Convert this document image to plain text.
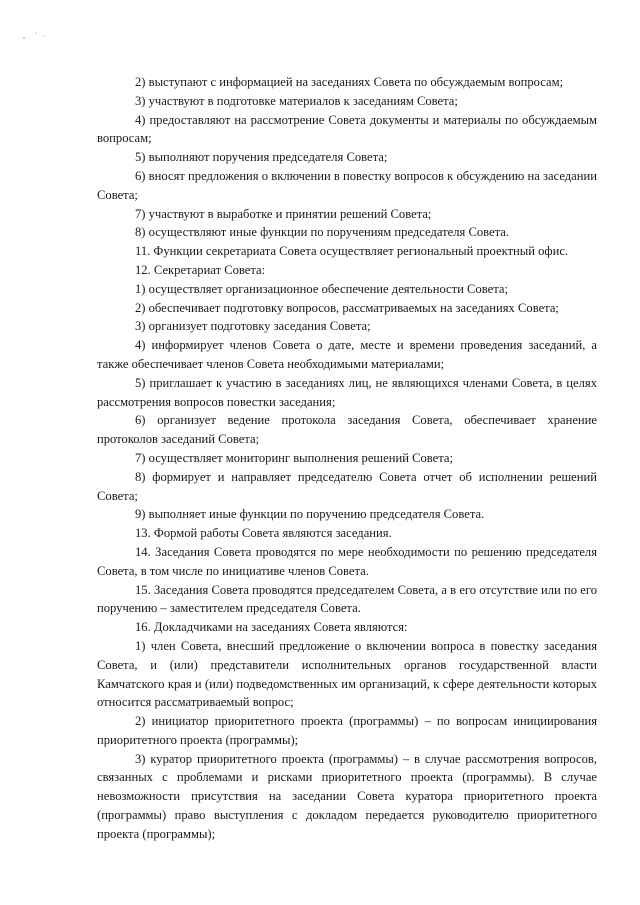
2) выступают с информацией на заседаниях Совета по обсуждаемым вопросам;

3) участвуют в подготовке материалов к заседаниям Совета;

4) предоставляют на рассмотрение Совета документы и материалы по обсуждаемым вопросам;

5) выполняют поручения председателя Совета;

6) вносят предложения о включении в повестку вопросов к обсуждению на заседании Совета;

7) участвуют в выработке и принятии решений Совета;

8) осуществляют иные функции по поручениям председателя Совета.

11. Функции секретариата Совета осуществляет региональный проектный офис.

12. Секретариат Совета:

1) осуществляет организационное обеспечение деятельности Совета;

2) обеспечивает подготовку вопросов, рассматриваемых на заседаниях Совета;

3) организует подготовку заседания Совета;

4) информирует членов Совета о дате, месте и времени проведения заседаний, а также обеспечивает членов Совета необходимыми материалами;

5) приглашает к участию в заседаниях лиц, не являющихся членами Совета, в целях рассмотрения вопросов повестки заседания;

6) организует ведение протокола заседания Совета, обеспечивает хранение протоколов заседаний Совета;

7) осуществляет мониторинг выполнения решений Совета;

8) формирует и направляет председателю Совета отчет об исполнении решений Совета;

9) выполняет иные функции по поручению председателя Совета.

13. Формой работы Совета являются заседания.

14. Заседания Совета проводятся по мере необходимости по решению председателя Совета, в том числе по инициативе членов Совета.

15. Заседания Совета проводятся председателем Совета, а в его отсутствие или по его поручению – заместителем председателя Совета.

16. Докладчиками на заседаниях Совета являются:

1) член Совета, внесший предложение о включении вопроса в повестку заседания Совета, и (или) представители исполнительных органов государственной власти Камчатского края и (или) подведомственных им организаций, к сфере деятельности которых относится рассматриваемый вопрос;

2) инициатор приоритетного проекта (программы) – по вопросам инициирования приоритетного проекта (программы);

3) куратор приоритетного проекта (программы) – в случае рассмотрения вопросов, связанных с проблемами и рисками приоритетного проекта (программы). В случае невозможности присутствия на заседании Совета куратора приоритетного проекта (программы) право выступления с докладом передается руководителю приоритетного проекта (программы);
